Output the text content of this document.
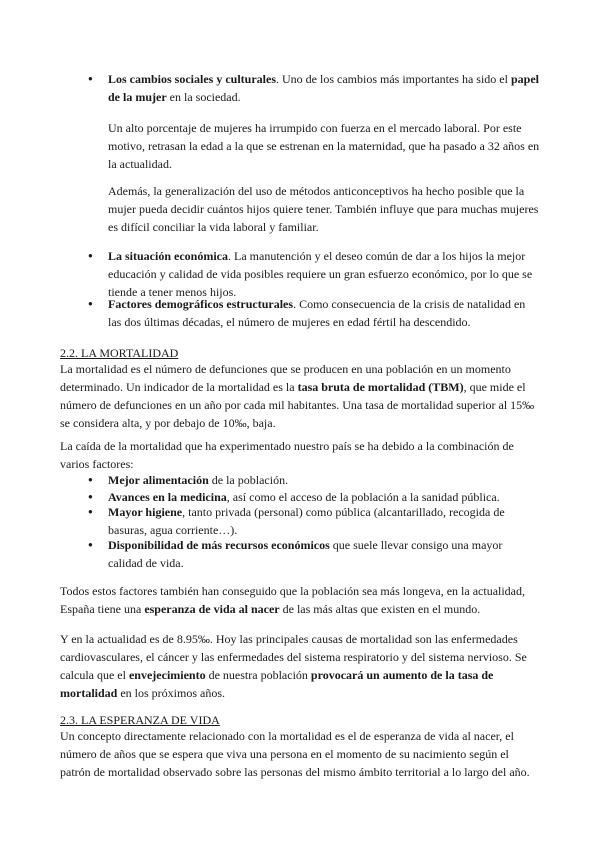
● Los cambios sociales y culturales. Uno de los cambios más importantes ha sido el papel de la mujer en la sociedad.

Un alto porcentaje de mujeres ha irrumpido con fuerza en el mercado laboral. Por este motivo, retrasan la edad a la que se estrenan en la maternidad, que ha pasado a 32 años en la actualidad.

Además, la generalización del uso de métodos anticonceptivos ha hecho posible que la mujer pueda decidir cuántos hijos quiere tener. También influye que para muchas mujeres es difícil conciliar la vida laboral y familiar.

● La situación económica. La manutención y el deseo común de dar a los hijos la mejor educación y calidad de vida posibles requiere un gran esfuerzo económico, por lo que se tiende a tener menos hijos.
● Factores demográficos estructurales. Como consecuencia de la crisis de natalidad en las dos últimas décadas, el número de mujeres en edad fértil ha descendido.
2.2. LA MORTALIDAD

La mortalidad es el número de defunciones que se producen en una población en un momento determinado. Un indicador de la mortalidad es la tasa bruta de mortalidad (TBM), que mide el número de defunciones en un año por cada mil habitantes. Una tasa de mortalidad superior al 15‰ se considera alta, y por debajo de 10‰, baja.

La caída de la mortalidad que ha experimentado nuestro país se ha debido a la combinación de varios factores:

● Mejor alimentación de la población.
● Avances en la medicina, así como el acceso de la población a la sanidad pública.
● Mayor higiene, tanto privada (personal) como pública (alcantarillado, recogida de basuras, agua corriente…).
● Disponibilidad de más recursos económicos que suele llevar consigo una mayor calidad de vida.

Todos estos factores también han conseguido que la población sea más longeva, en la actualidad, España tiene una esperanza de vida al nacer de las más altas que existen en el mundo.

Y en la actualidad es de 8.95‰. Hoy las principales causas de mortalidad son las enfermedades cardiovasculares, el cáncer y las enfermedades del sistema respiratorio y del sistema nervioso. Se calcula que el envejecimiento de nuestra población provocará un aumento de la tasa de mortalidad en los próximos años.

2.3. LA ESPERANZA DE VIDA

Un concepto directamente relacionado con la mortalidad es el de esperanza de vida al nacer, el número de años que se espera que viva una persona en el momento de su nacimiento según el patrón de mortalidad observado sobre las personas del mismo ámbito territorial a lo largo del año.
